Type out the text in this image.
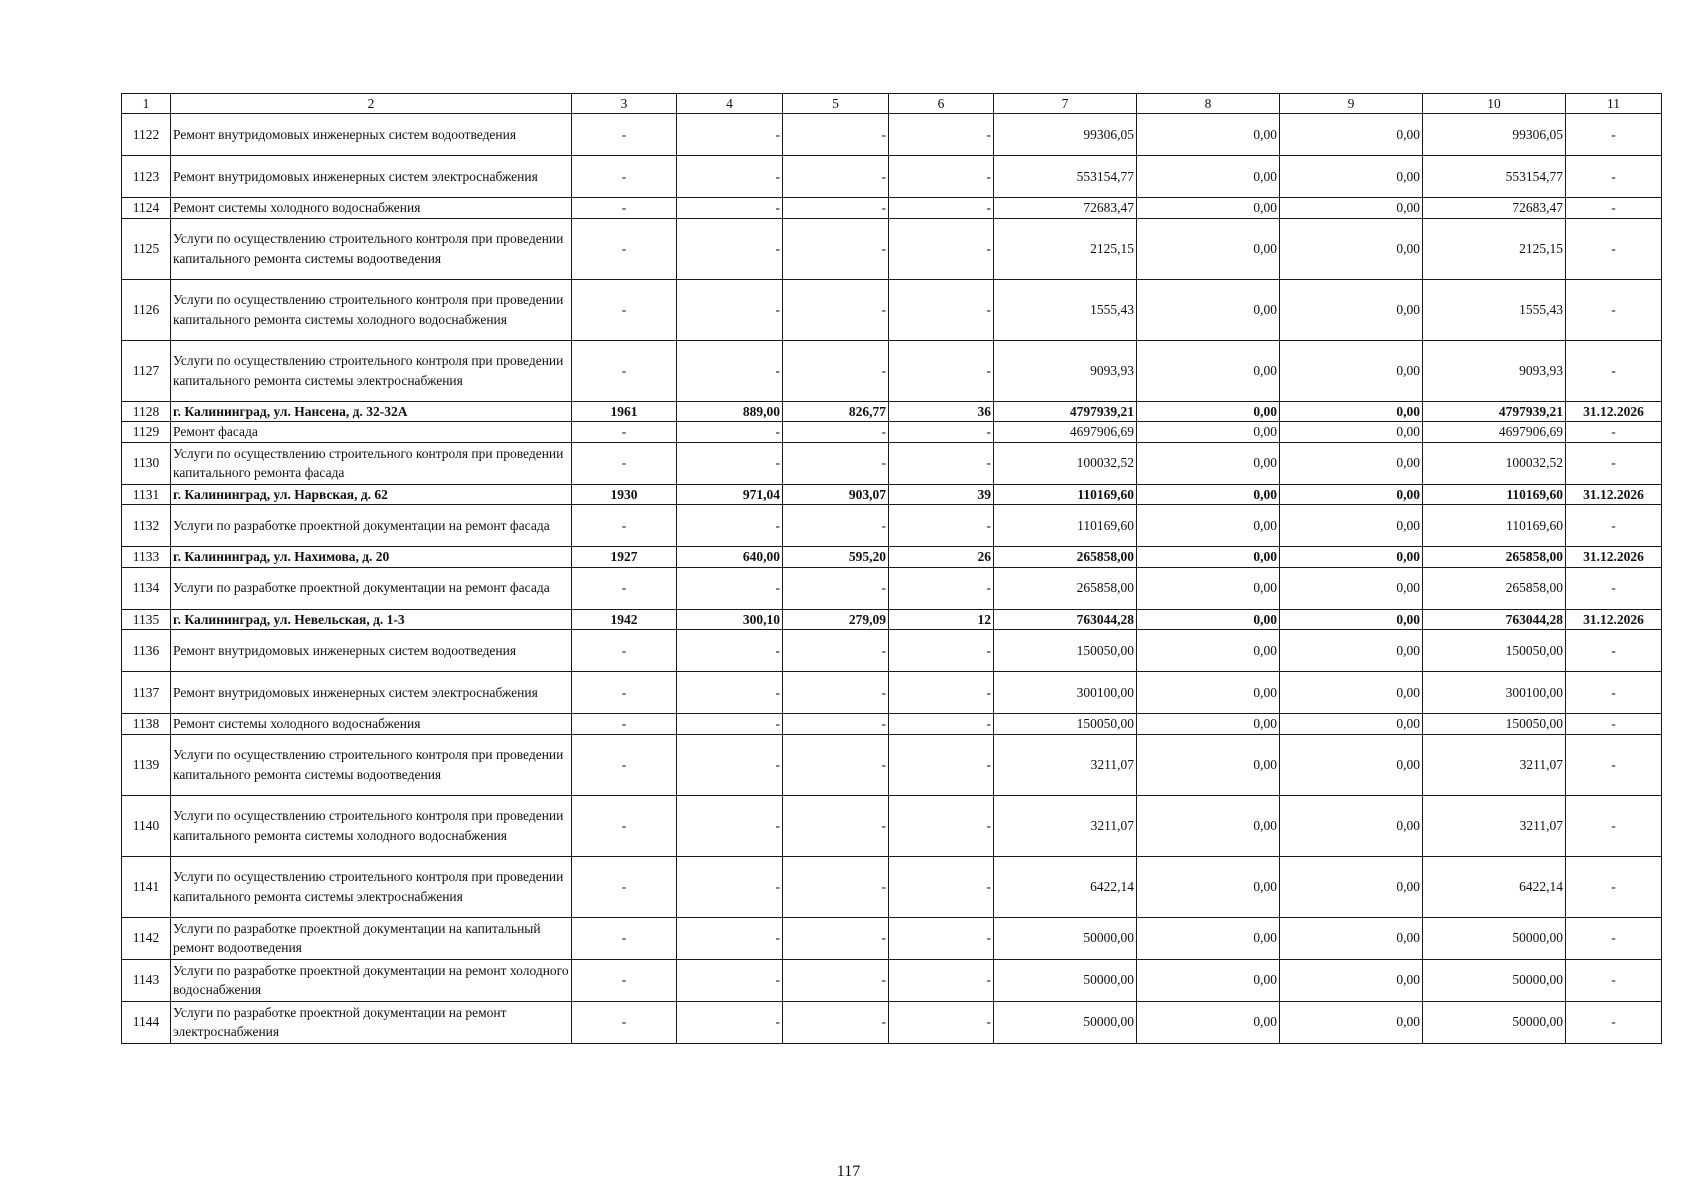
1	2	3	4	5	6	7	8	9	10	11
1122	Ремонт внутридомовых инженерных систем водоотведения	-	-	-	-	99306,05	0,00	0,00	99306,05	-
1123	Ремонт внутридомовых инженерных систем электроснабжения	-	-	-	-	553154,77	0,00	0,00	553154,77	-
1124	Ремонт системы холодного водоснабжения	-	-	-	-	72683,47	0,00	0,00	72683,47	-
1125	Услуги по осуществлению строительного контроля при проведении капитального ремонта системы водоотведения	-	-	-	-	2125,15	0,00	0,00	2125,15	-
1126	Услуги по осуществлению строительного контроля при проведении капитального ремонта системы холодного водоснабжения	-	-	-	-	1555,43	0,00	0,00	1555,43	-
1127	Услуги по осуществлению строительного контроля при проведении капитального ремонта системы электроснабжения	-	-	-	-	9093,93	0,00	0,00	9093,93	-
1128	г. Калининград, ул. Нансена, д. 32-32А	1961	889,00	826,77	36	4797939,21	0,00	0,00	4797939,21	31.12.2026
1129	Ремонт фасада	-	-	-	-	4697906,69	0,00	0,00	4697906,69	-
1130	Услуги по осуществлению строительного контроля при проведении капитального ремонта фасада	-	-	-	-	100032,52	0,00	0,00	100032,52	-
1131	г. Калининград, ул. Нарвская, д. 62	1930	971,04	903,07	39	110169,60	0,00	0,00	110169,60	31.12.2026
1132	Услуги по разработке проектной документации на ремонт фасада	-	-	-	-	110169,60	0,00	0,00	110169,60	-
1133	г. Калининград, ул. Нахимова, д. 20	1927	640,00	595,20	26	265858,00	0,00	0,00	265858,00	31.12.2026
1134	Услуги по разработке проектной документации на ремонт фасада	-	-	-	-	265858,00	0,00	0,00	265858,00	-
1135	г. Калининград, ул. Невельская, д. 1-3	1942	300,10	279,09	12	763044,28	0,00	0,00	763044,28	31.12.2026
1136	Ремонт внутридомовых инженерных систем водоотведения	-	-	-	-	150050,00	0,00	0,00	150050,00	-
1137	Ремонт внутридомовых инженерных систем электроснабжения	-	-	-	-	300100,00	0,00	0,00	300100,00	-
1138	Ремонт системы холодного водоснабжения	-	-	-	-	150050,00	0,00	0,00	150050,00	-
1139	Услуги по осуществлению строительного контроля при проведении капитального ремонта системы водоотведения	-	-	-	-	3211,07	0,00	0,00	3211,07	-
1140	Услуги по осуществлению строительного контроля при проведении капитального ремонта системы холодного водоснабжения	-	-	-	-	3211,07	0,00	0,00	3211,07	-
1141	Услуги по осуществлению строительного контроля при проведении капитального ремонта системы электроснабжения	-	-	-	-	6422,14	0,00	0,00	6422,14	-
1142	Услуги по разработке проектной документации на капитальный ремонт водоотведения	-	-	-	-	50000,00	0,00	0,00	50000,00	-
1143	Услуги по разработке проектной документации на ремонт холодного водоснабжения	-	-	-	-	50000,00	0,00	0,00	50000,00	-
1144	Услуги по разработке проектной документации на ремонт электроснабжения	-	-	-	-	50000,00	0,00	0,00	50000,00	-
117
